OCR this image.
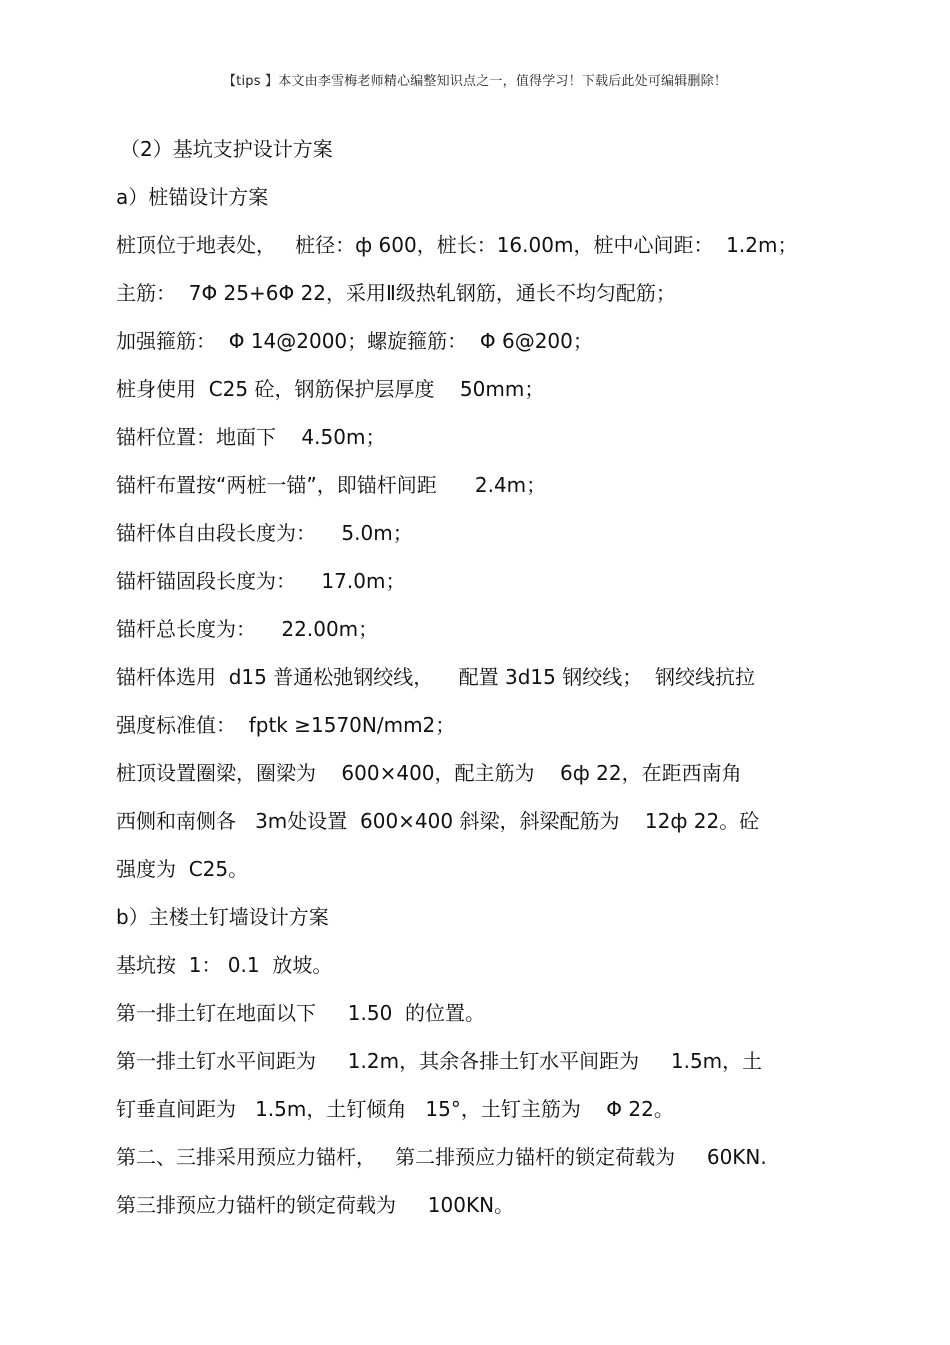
【tips 】本文由李雪梅老师精心编整知识点之一，值得学习！下载后此处可编辑删除！
（2）基坑支护设计方案
a）桩锚设计方案
桩顶位于地表处，   桩径：ф 600，桩长：16.00m，桩中心间距：  1.2m；
主筋：  7Φ 25+6Φ 22，采用Ⅱ级热轧钢筋，通长不均匀配筋；
加强箍筋：  Φ 14@2000；螺旋箍筋：  Φ 6@200；
桩身使用  C25 砼，钢筋保护层厚度    50mm；
锚杆位置：地面下    4.50m；
锚杆布置按“两桩一锚”，即锚杆间距      2.4m；
锚杆体自由段长度为：    5.0m；
锚杆锚固段长度为：    17.0m；
锚杆总长度为：    22.00m；
锚杆体选用  d15 普通松弛钢绞线，    配置 3d15 钢绞线；  钢绞线抗拉
强度标准值：  fptk ≥1570N/mm2；
桩顶设置圈梁，圈梁为    600×400，配主筋为    6ф 22，在距西南角
西侧和南侧各   3m处设置  600×400 斜梁，斜梁配筋为    12ф 22。砼
强度为  C25。
b）主楼土钉墙设计方案
基坑按  1： 0.1  放坡。
第一排土钉在地面以下     1.50  的位置。
第一排土钉水平间距为     1.2m，其余各排土钉水平间距为     1.5m，土
钉垂直间距为   1.5m，土钉倾角   15°，土钉主筋为    Φ 22。
第二、三排采用预应力锚杆，   第二排预应力锚杆的锁定荷载为     60KN.
第三排预应力锚杆的锁定荷载为     100KN。
